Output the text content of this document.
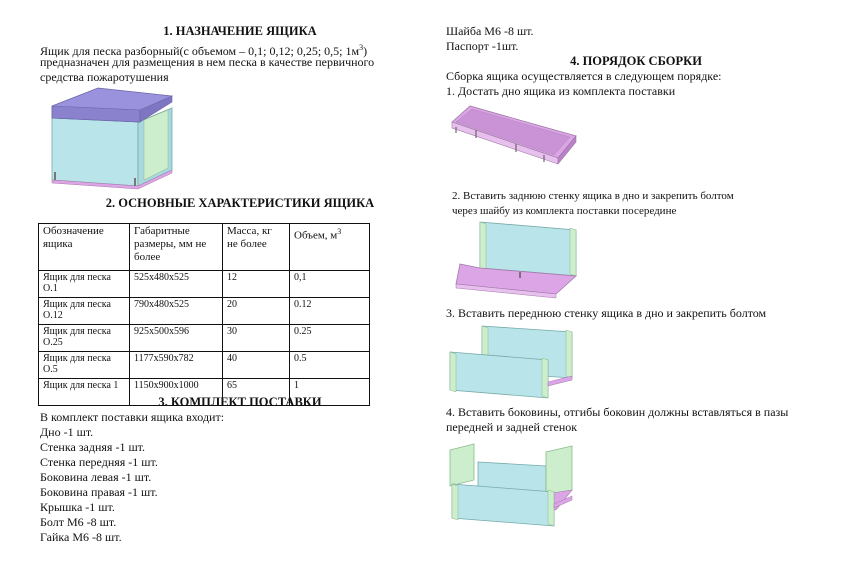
1. НАЗНАЧЕНИЕ ЯЩИКА
Ящик для песка разборный(с объемом – 0,1; 0,12; 0,25; 0,5; $1м^3$)
предназначен для размещения в нем песка в качестве первичного
средства пожаротушения
2. ОСНОВНЫЕ ХАРАКТЕРИСТИКИ ЯЩИКА
Обозначение ящика	Габаритные размеры, мм не более	Масса, кг не более	Объем, $м^3$
Ящик для песка О.1	525х480х525	12	0,1
Ящик для песка О.12	790х480х525	20	0.12
Ящик для песка О.25	925х500х596	30	0.25
Ящик для песка О.5	1177х590х782	40	0.5
Ящик для песка 1	1150х900х1000	65	1
3. КОМПЛЕКТ ПОСТАВКИ
В комплект поставки ящика входит:
Дно -1 шт.
Стенка задняя -1 шт.
Стенка передняя -1 шт.
Боковина левая -1 шт.
Боковина правая -1 шт.
Крышка -1 шт.
Болт М6 -8 шт.
Гайка М6 -8 шт.
Шайба М6 -8 шт.
Паспорт -1шт.
4. ПОРЯДОК СБОРКИ
Сборка ящика осуществляется в следующем порядке:
1. Достать дно ящика из комплекта поставки
2. Вставить заднюю стенку ящика в дно и закрепить болтом
через шайбу из комплекта поставки посередине
3. Вставить переднюю стенку ящика в дно и закрепить болтом
4. Вставить боковины, отгибы боковин должны вставляться в пазы
передней и задней стенок
